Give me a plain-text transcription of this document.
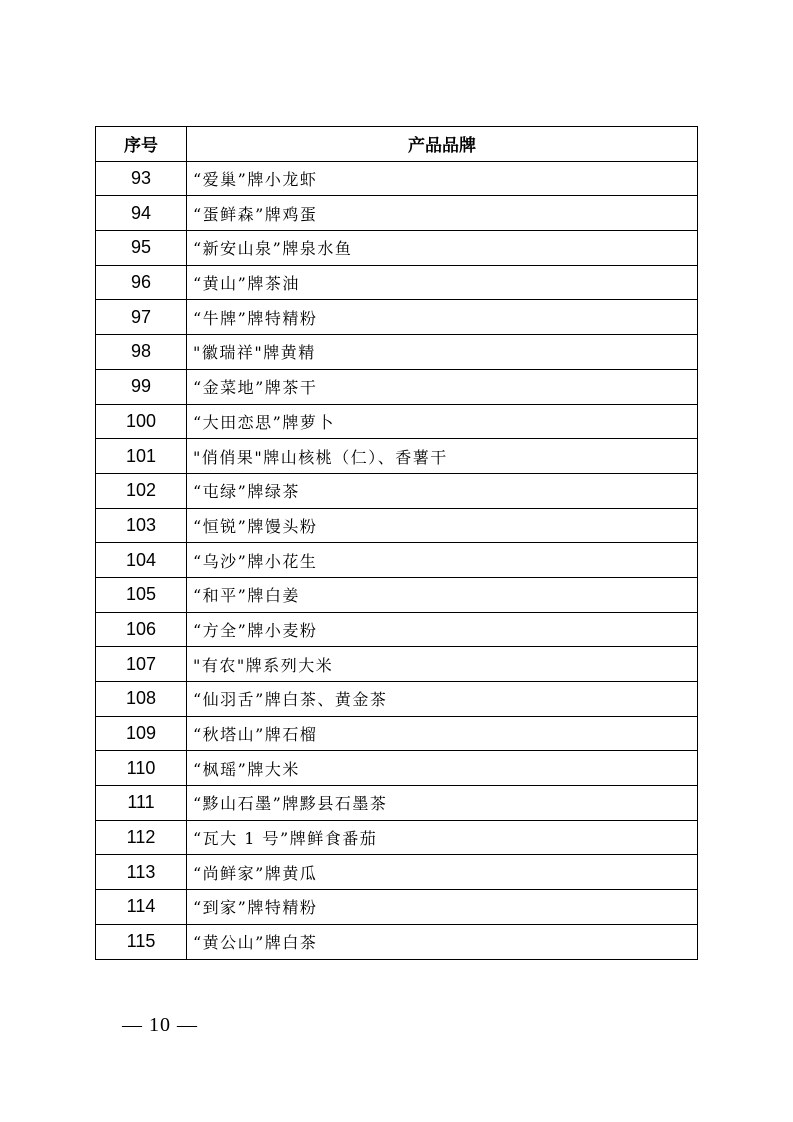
序号	产品品牌
93	“爱巢”牌小龙虾
94	“蛋鲜森”牌鸡蛋
95	“新安山泉”牌泉水鱼
96	“黄山”牌茶油
97	“牛牌”牌特精粉
98	"徽瑞祥"牌黄精
99	“金菜地”牌茶干
100	“大田恋思”牌萝卜
101	"俏俏果"牌山核桃（仁）、香薯干
102	“屯绿”牌绿茶
103	“恒锐”牌馒头粉
104	“乌沙”牌小花生
105	“和平”牌白姜
106	“方全”牌小麦粉
107	"有农"牌系列大米
108	“仙羽舌”牌白茶、黄金茶
109	“秋塔山”牌石榴
110	“枫瑶”牌大米
111	“黟山石墨”牌黟县石墨茶
112	“瓦大 1 号”牌鲜食番茄
113	“尚鲜家”牌黄瓜
114	“到家”牌特精粉
115	“黄公山”牌白茶
— 10 —
